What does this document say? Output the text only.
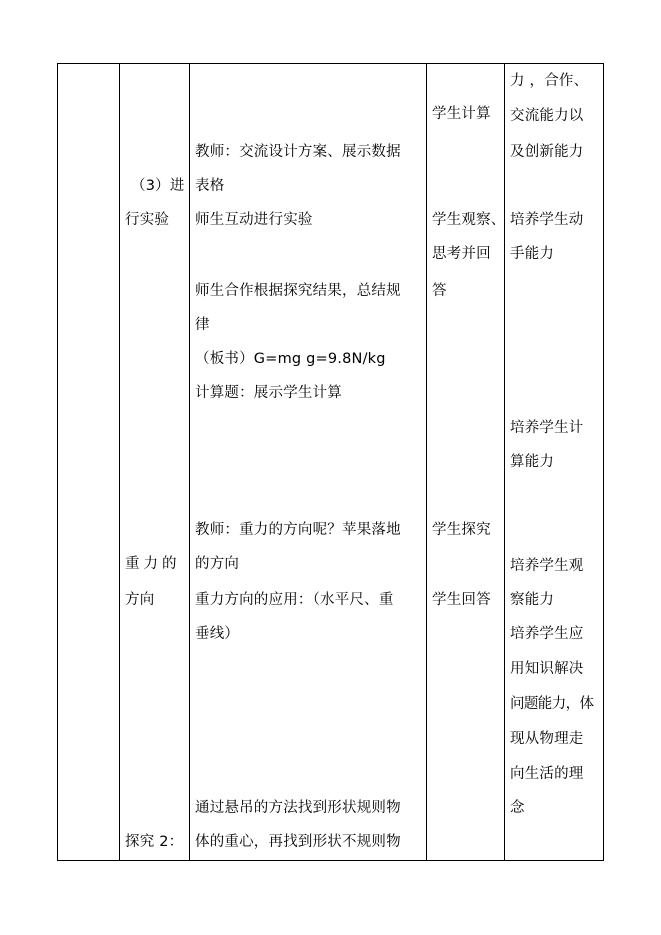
（3）进
行实验
重力的
方向
探究 2：
教师：交流设计方案、展示数据
表格
师生互动进行实验
师生合作根据探究结果，总结规
律
（板书）G=mg g=9.8N/kg
计算题：展示学生计算
教师：重力的方向呢？苹果落地
的方向
重力方向的应用：（水平尺、重
垂线）
通过悬吊的方法找到形状规则物
体的重心，再找到形状不规则物
学生计算
学生观察、
思考并回
答
学生探究
学生回答
力 ，合作、
交流能力以
及创新能力
培养学生动
手能力
培养学生计
算能力
培养学生观
察能力
培养学生应
用知识解决
问题能力，体
现从物理走
向生活的理
念
